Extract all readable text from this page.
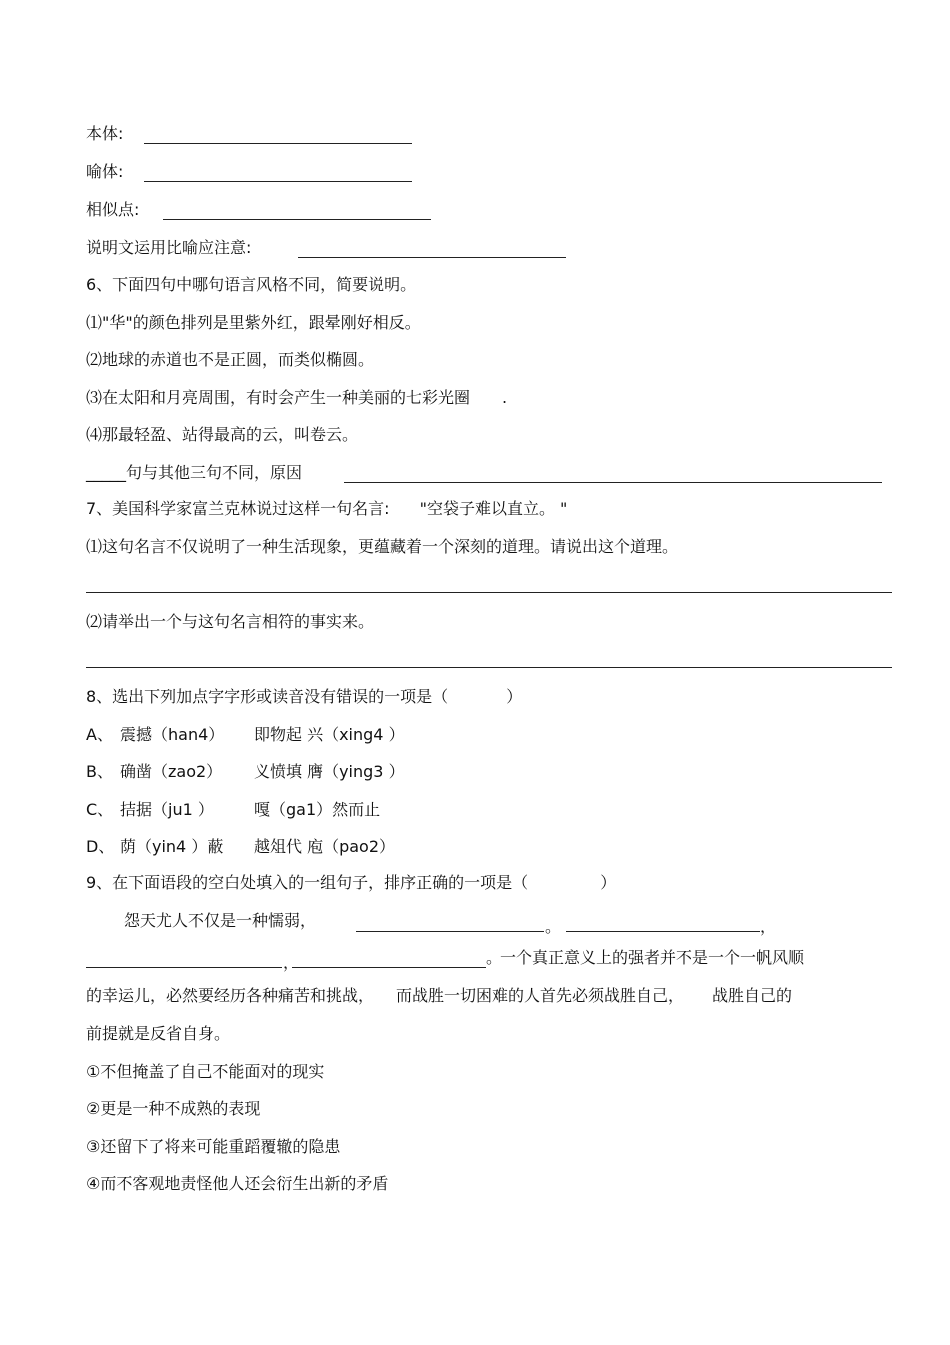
本体:
喻体:
相似点:
说明文运用比喻应注意:
6、下面四句中哪句语言风格不同，简要说明。
⑴"华"的颜色排列是里紫外红，跟晕刚好相反。
⑵地球的赤道也不是正圆，而类似椭圆。
⑶在太阳和月亮周围，有时会产生一种美丽的七彩光圈 .
⑷那最轻盈、站得最高的云，叫卷云。
_____句与其他三句不同，原因
7、美国科学家富兰克林说过这样一句名言: "空袋子难以直立。 "
⑴这句名言不仅说明了一种生活现象，更蕴藏着一个深刻的道理。请说出这个道理。
⑵请举出一个与这句名言相符的事实来。
8、选出下列加点字字形或读音没有错误的一项是（	）
A、 震撼（han4） 即物起 兴（xing4 ）
B、 确凿（zao2） 义愤填 膺（ying3 ）
C、 拮据（ju1 ）	嘎（ga1）然而止
D、 荫（yin4 ）蔽 越俎代 庖（pao2）
9、在下面语段的空白处填入的一组句子，排序正确的一项是（	）
怨天尤人不仅是一种懦弱，	。	，
，	。
一个真正意义上的强者并不是一个一帆风顺
的幸运儿，必然要经历各种痛苦和挑战， 而战胜一切困难的人首先必须战胜自己， 战胜自己的
前提就是反省自身。
①不但掩盖了自己不能面对的现实
②更是一种不成熟的表现
③还留下了将来可能重蹈覆辙的隐患
④而不客观地责怪他人还会衍生出新的矛盾
